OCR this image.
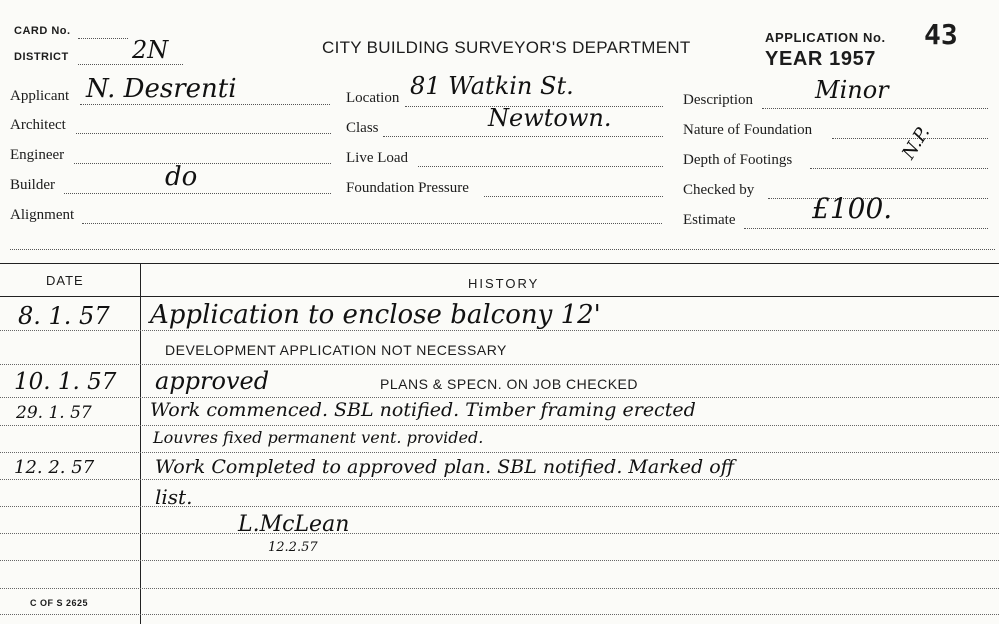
CARD No.
DISTRICT	2N	CITY BUILDING SURVEYOR'S DEPARTMENT
APPLICATION No. 43
YEAR 1957
Applicant N. Desrenti
Architect
Engineer
Builder	do
Alignment
Location 81 Watkin St.
Class	Newtown.
Live Load
Foundation Pressure
Description	Minor
Nature of Foundation
Depth of Footings	N.P.
Checked by
Estimate	£100.
DATE	HISTORY
8. 1. 57 Application to enclose balcony 12'
DEVELOPMENT APPLICATION NOT NECESSARY
10. 1. 57 approved	PLANS & SPECN. ON JOB CHECKED
29. 1. 57	Work commenced. SBL notified. Timber framing erected
Louvres fixed permanent vent. provided.
12. 2. 57	Work Completed to approved plan. SBL notified. Marked off
list.
L.McLean
12.2.57
C OF S 2625
